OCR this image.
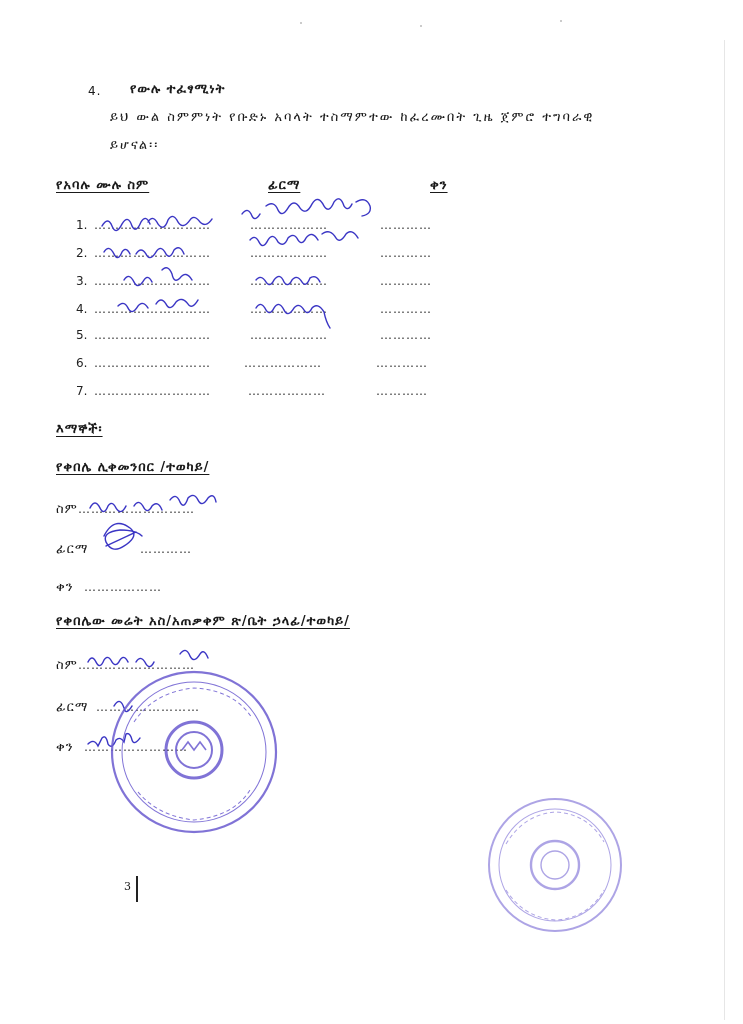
4. የውሉ ተፈፃሚነት
ይህ ውል ስምምነት የቡድኑ አባላት ተስማምተው ከፈረሙበት ጊዜ ጀምሮ ተግባራዊ
ይሆናል፡፡
የአባሉ ሙሉ ስም	ፊርማ	ቀን
1. ………………………	………………	…………
2. ………………………	………………	…………
3. ………………………	………………	…………
4. ………………………	………………	…………
5. ………………………	………………	…………
6. ………………………	………………	…………
7. ………………………	………………	…………
እማኞች፡
የቀበሌ ሊቀመንበር /ተወካይ/
ስም ………………………
ፊርማ	…………
ቀን ………………
የቀበሌው መሬት አስ/አጠቃቀም ጽ/ቤት ኃላፊ/ተወካይ/
ስም ………………………
ፊርማ ……………………
ቀን ……………………
3
